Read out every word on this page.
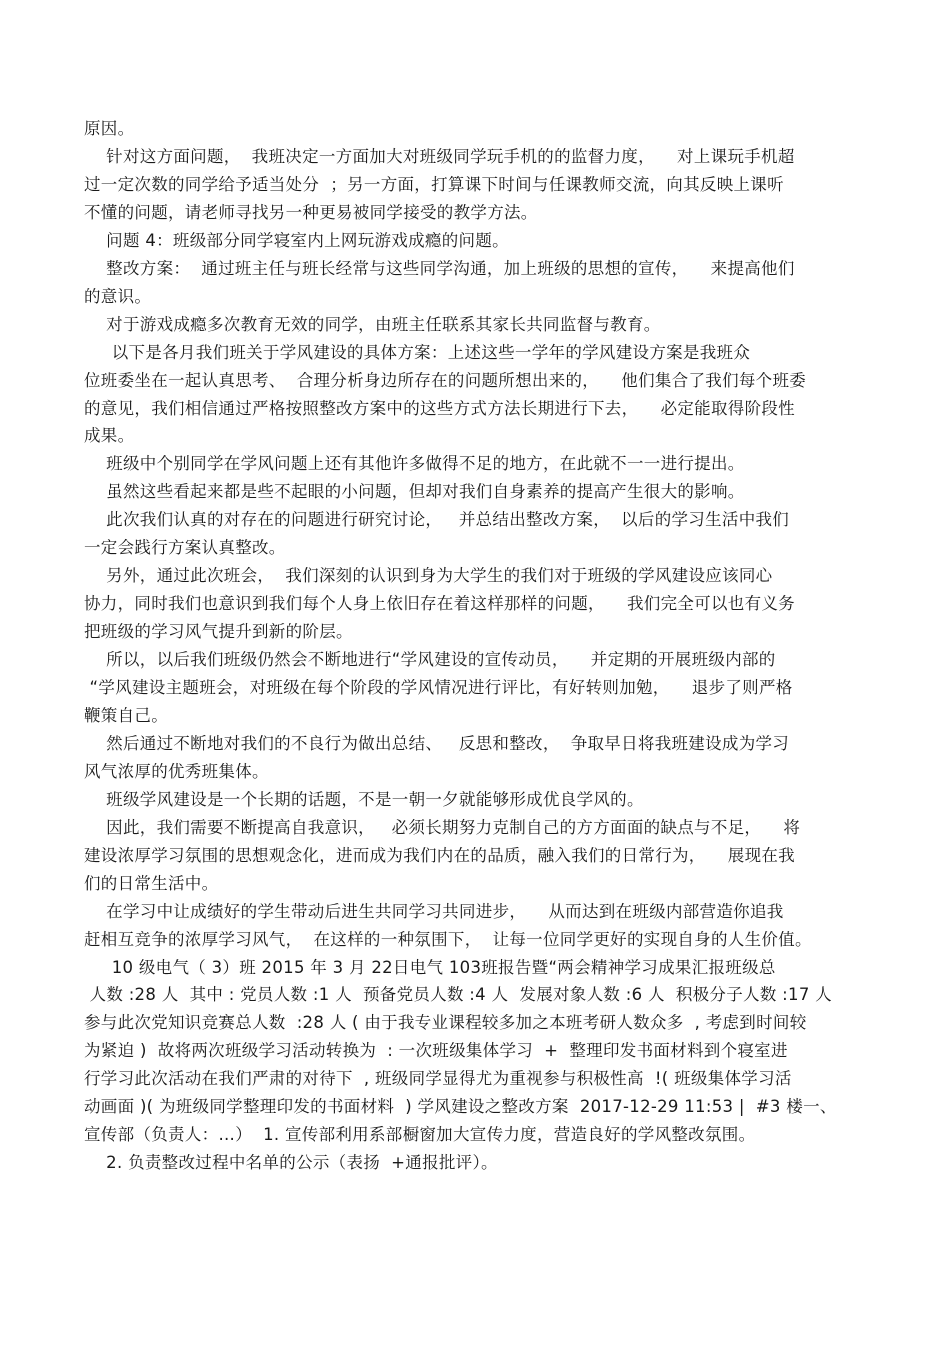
原因。
针对这方面问题，  我班决定一方面加大对班级同学玩手机的的监督力度，    对上课玩手机超
过一定次数的同学给予适当处分  ；另一方面，打算课下时间与任课教师交流，向其反映上课听
不懂的问题，请老师寻找另一种更易被同学接受的教学方法。
问题 4：班级部分同学寝室内上网玩游戏成瘾的问题。
整改方案：  通过班主任与班长经常与这些同学沟通，加上班级的思想的宣传，    来提高他们
的意识。
对于游戏成瘾多次教育无效的同学，由班主任联系其家长共同监督与教育。
以下是各月我们班关于学风建设的具体方案：上述这些一学年的学风建设方案是我班众
位班委坐在一起认真思考、  合理分析身边所存在的问题所想出来的，    他们集合了我们每个班委
的意见，我们相信通过严格按照整改方案中的这些方式方法长期进行下去，    必定能取得阶段性
成果。
班级中个别同学在学风问题上还有其他许多做得不足的地方，在此就不一一进行提出。
虽然这些看起来都是些不起眼的小问题，但却对我们自身素养的提高产生很大的影响。
此次我们认真的对存在的问题进行研究讨论，   并总结出整改方案，  以后的学习生活中我们
一定会践行方案认真整改。
另外，通过此次班会，  我们深刻的认识到身为大学生的我们对于班级的学风建设应该同心
协力，同时我们也意识到我们每个人身上依旧存在着这样那样的问题，    我们完全可以也有义务
把班级的学习风气提升到新的阶层。
所以，以后我们班级仍然会不断地进行“学风建设的宣传动员，    并定期的开展班级内部的
“学风建设主题班会，对班级在每个阶段的学风情况进行评比，有好转则加勉，    退步了则严格
鞭策自己。
然后通过不断地对我们的不良行为做出总结、   反思和整改，  争取早日将我班建设成为学习
风气浓厚的优秀班集体。
班级学风建设是一个长期的话题，不是一朝一夕就能够形成优良学风的。
因此，我们需要不断提高自我意识，   必须长期努力克制自己的方方面面的缺点与不足，    将
建设浓厚学习氛围的思想观念化，进而成为我们内在的品质，融入我们的日常行为，    展现在我
们的日常生活中。
在学习中让成绩好的学生带动后进生共同学习共同进步，    从而达到在班级内部营造你追我
赶相互竞争的浓厚学习风气，  在这样的一种氛围下，  让每一位同学更好的实现自身的人生价值。
10 级电气（ 3）班 2015 年 3 月 22日电气 103班报告暨“两会精神学习成果汇报班级总
人数 :28 人  其中 : 党员人数 :1 人  预备党员人数 :4 人  发展对象人数 :6 人  积极分子人数 :17 人
参与此次党知识竞赛总人数  :28 人 ( 由于我专业课程较多加之本班考研人数众多  , 考虑到时间较
为紧迫 )  故将两次班级学习活动转换为  : 一次班级集体学习  +  整理印发书面材料到个寝室进
行学习此次活动在我们严肃的对待下  , 班级同学显得尤为重视参与积极性高  !( 班级集体学习活
动画面 )( 为班级同学整理印发的书面材料  ) 学风建设之整改方案  2017-12-29 11:53 |  #3 楼一、
宣传部（负责人：…）  1. 宣传部利用系部橱窗加大宣传力度，营造良好的学风整改氛围。
2. 负责整改过程中名单的公示（表扬  +通报批评）。
